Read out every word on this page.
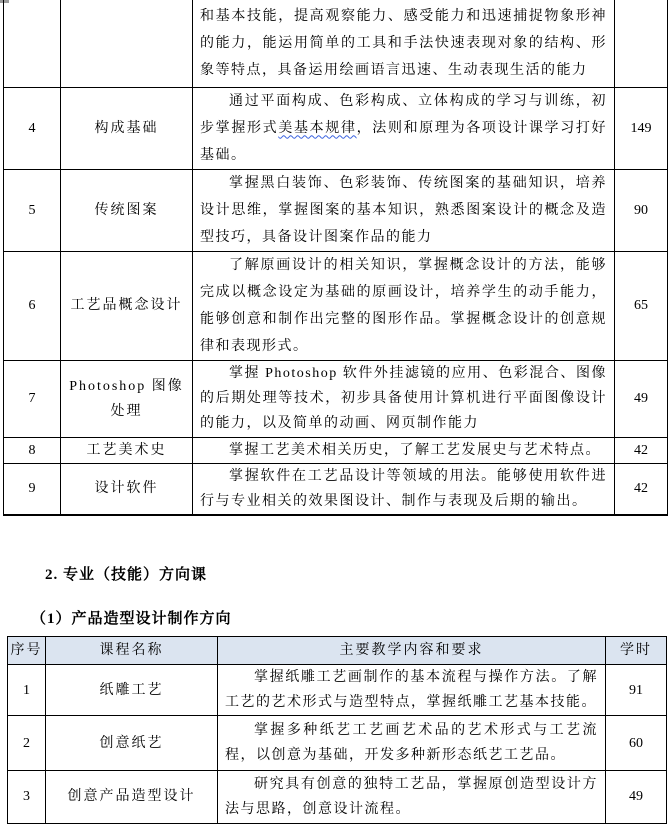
		和基本技能，提高观察能力、感受能力和迅速捕捉物象形神的能力，能运用简单的工具和手法快速表现对象的结构、形象等特点，具备运用绘画语言迅速、生动表现生活的能力	

4	构成基础	通过平面构成、色彩构成、立体构成的学习与训练，初步掌握形式美基本规律，法则和原理为各项设计课学习打好基础。	149
5	传统图案	掌握黑白装饰、色彩装饰、传统图案的基础知识，培养设计思维，掌握图案的基本知识，熟悉图案设计的概念及造型技巧，具备设计图案作品的能力	90
6	工艺品概念设计	了解原画设计的相关知识，掌握概念设计的方法，能够完成以概念设定为基础的原画设计，培养学生的动手能力，能够创意和制作出完整的图形作品。掌握概念设计的创意规律和表现形式。	65
7	Photoshop 图像处理	掌握 Photoshop 软件外挂滤镜的应用、色彩混合、图像的后期处理等技术，初步具备使用计算机进行平面图像设计的能力，以及简单的动画、网页制作能力	49
8	工艺美术史	掌握工艺美术相关历史，了解工艺发展史与艺术特点。	42
9	设计软件	掌握软件在工艺品设计等领域的用法。能够使用软件进行与专业相关的效果图设计、制作与表现及后期的输出。	42
2. 专业（技能）方向课
（1）产品造型设计制作方向
序号	课程名称	主要教学内容和要求	学时
1	纸雕工艺	掌握纸雕工艺画制作的基本流程与操作方法。了解工艺的艺术形式与造型特点，掌握纸雕工艺基本技能。	91
2	创意纸艺	掌握多种纸艺工艺画艺术品的艺术形式与工艺流程，以创意为基础，开发多种新形态纸艺工艺品。	60
3	创意产品造型设计	研究具有创意的独特工艺品，掌握原创造型设计方法与思路，创意设计流程。	49
